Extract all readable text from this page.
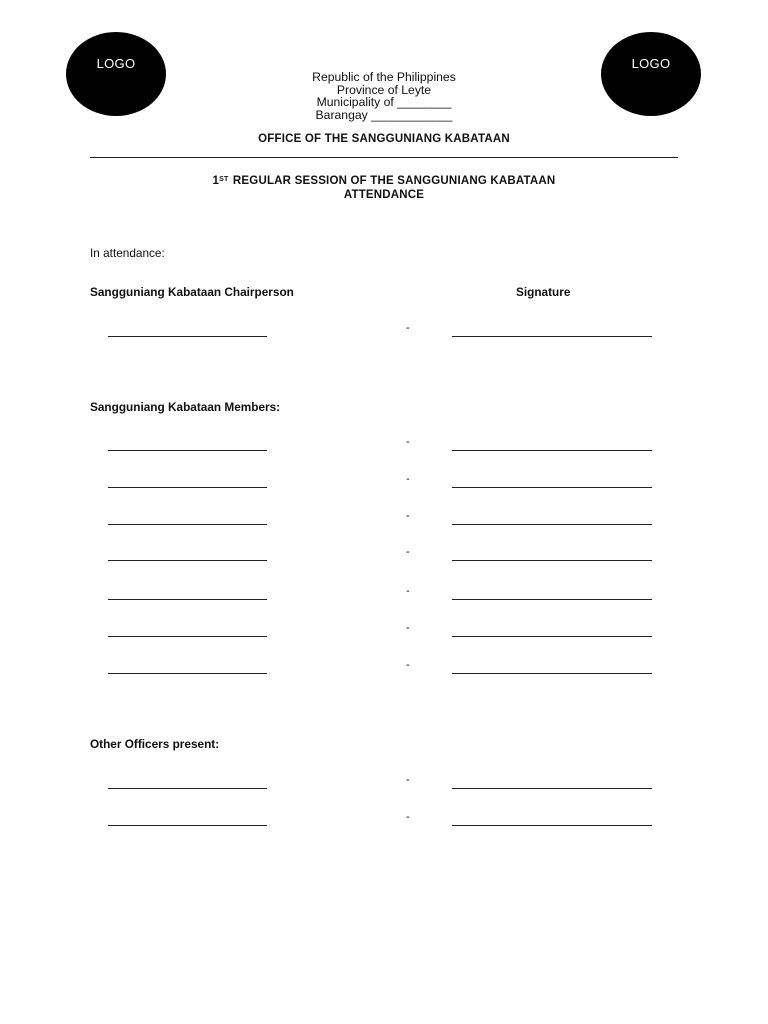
LOGO	LOGO
Republic of the Philippines
Province of Leyte
Municipality of ________
Barangay ____________
OFFICE OF THE SANGGUNIANG KABATAAN
1ST REGULAR SESSION OF THE SANGGUNIANG KABATAAN
ATTENDANCE
In attendance:
Sangguniang Kabataan Chairperson	Signature
-
Sangguniang Kabataan Members:
-
-
-
-
-
-
-
Other Officers present:
-
-
